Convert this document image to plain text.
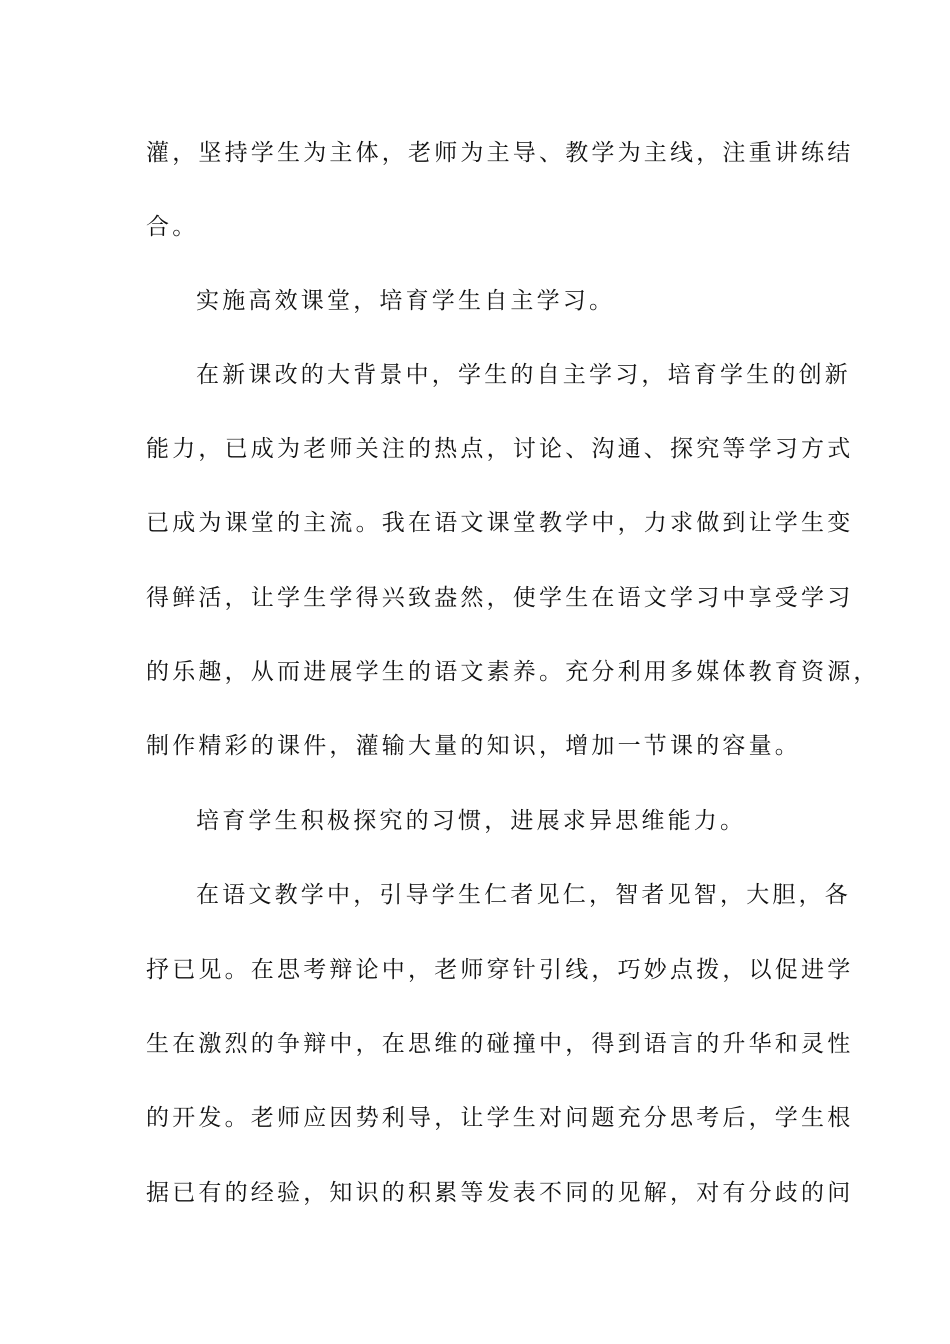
灌，坚持学生为主体，老师为主导、教学为主线，注重讲练结
合。
实施高效课堂，培育学生自主学习。
在新课改的大背景中，学生的自主学习，培育学生的创新
能力，已成为老师关注的热点，讨论、沟通、探究等学习方式
已成为课堂的主流。我在语文课堂教学中，力求做到让学生变
得鲜活，让学生学得兴致盎然，使学生在语文学习中享受学习
的乐趣，从而进展学生的语文素养。充分利用多媒体教育资源，
制作精彩的课件，灌输大量的知识，增加一节课的容量。
培育学生积极探究的习惯，进展求异思维能力。
在语文教学中，引导学生仁者见仁，智者见智，大胆，各
抒已见。在思考辩论中，老师穿针引线，巧妙点拨，以促进学
生在激烈的争辩中，在思维的碰撞中，得到语言的升华和灵性
的开发。老师应因势利导，让学生对问题充分思考后，学生根
据已有的经验，知识的积累等发表不同的见解，对有分歧的问
